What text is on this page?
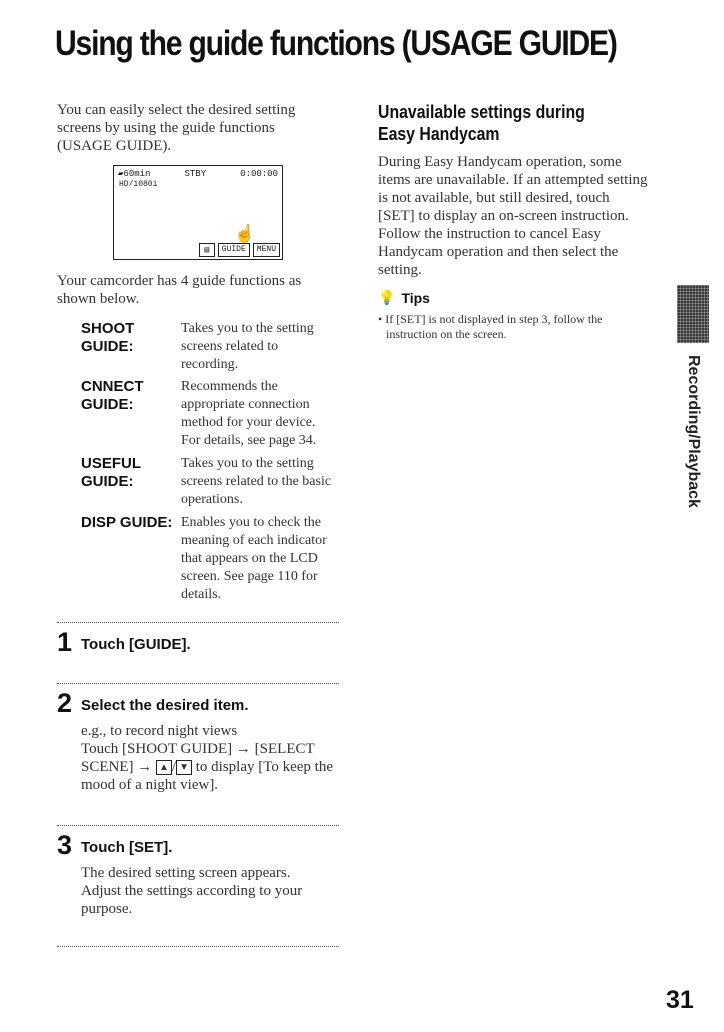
Using the guide functions (USAGE GUIDE)

You can easily select the desired setting screens by using the guide functions (USAGE GUIDE).

▰60min	STBY	0:00:00
HD/1080i
☝
▤	GUIDE	MENU

Your camcorder has 4 guide functions as shown below.

SHOOT GUIDE:
Takes you to the setting screens related to recording.
CNNECT GUIDE:
Recommends the appropriate connection method for your device. For details, see page 34.
USEFUL GUIDE:
Takes you to the setting screens related to the basic operations.
DISP GUIDE: Enables you to check the meaning of each indicator that appears on the LCD screen. See page 110 for details.
1 Touch [GUIDE].
2 Select the desired item.
e.g., to record night views
Touch [SHOOT GUIDE] → [SELECT SCENE] → ▲ / ▼ to display [To keep the mood of a night view].
3 Touch [SET].
The desired setting screen appears.
Adjust the settings according to your purpose.
Unavailable settings during Easy Handycam

During Easy Handycam operation, some items are unavailable. If an attempted setting is not available, but still desired, touch [SET] to display an on-screen instruction. Follow the instruction to cancel Easy Handycam operation and then select the setting.

💡 Tips
• If [SET] is not displayed in step 3, follow the instruction on the screen.
Recording/Playback
31
